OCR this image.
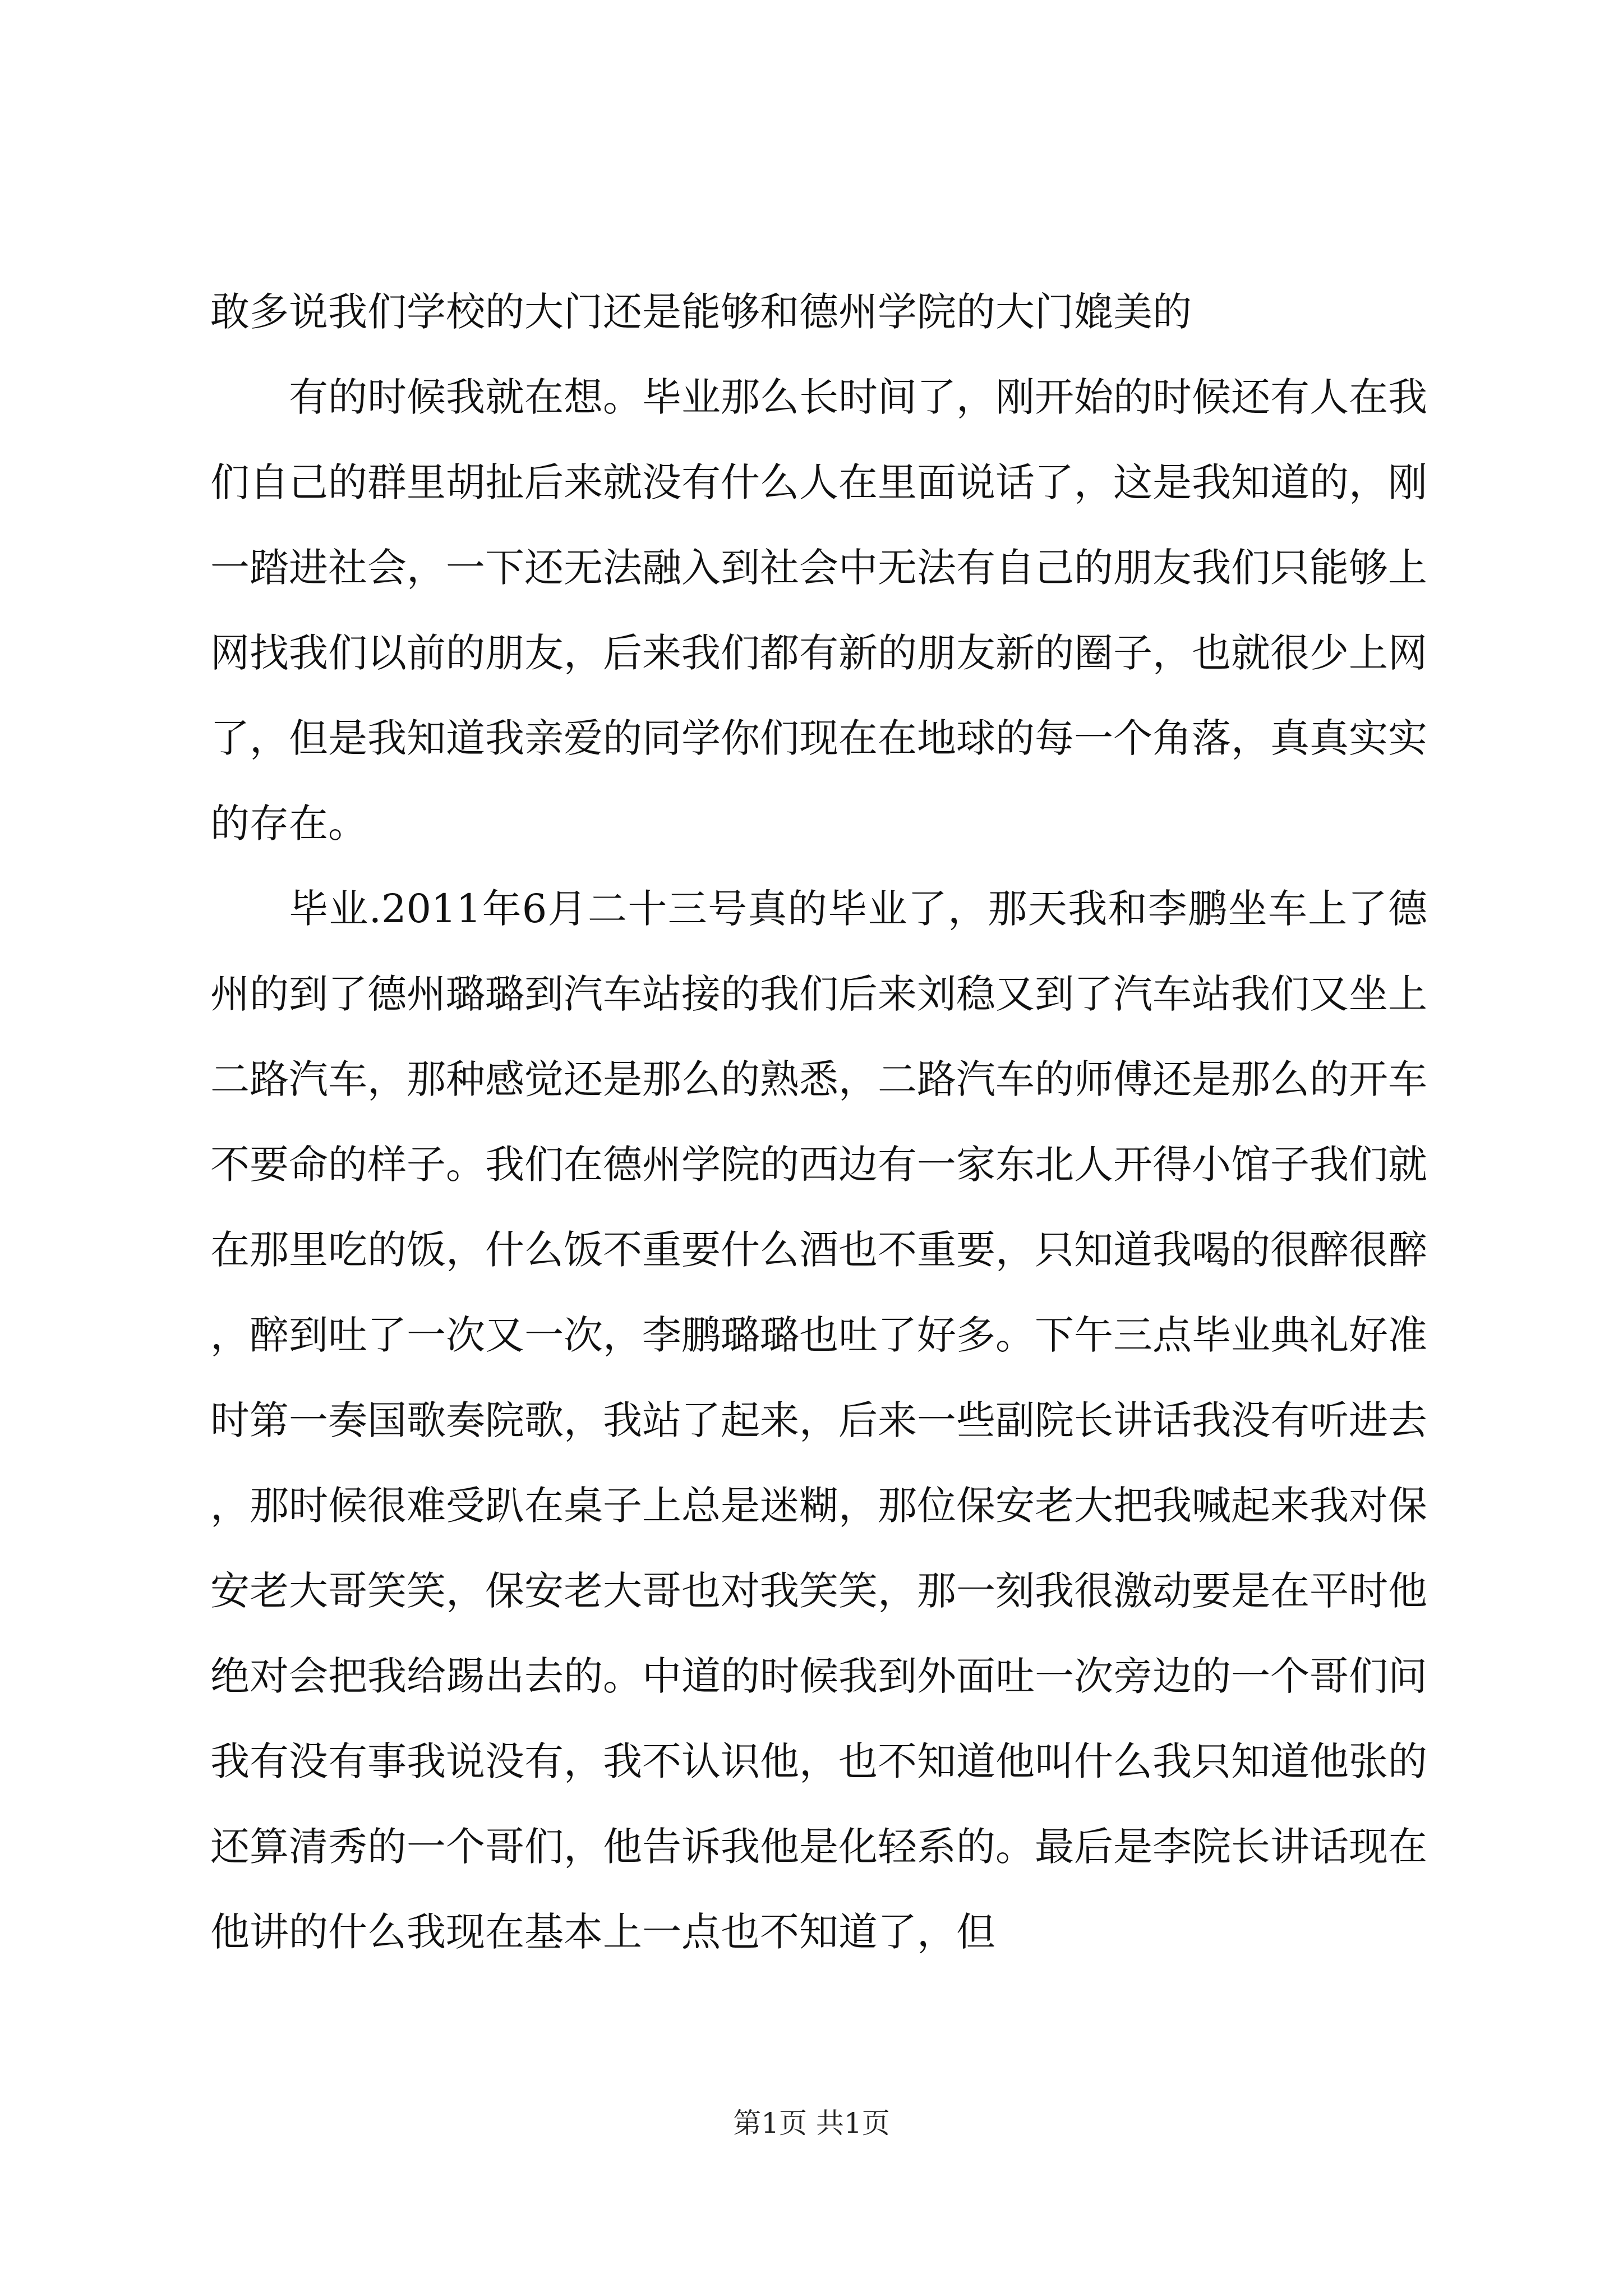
敢多说我们学校的大门还是能够和德州学院的大门媲美的

有的时候我就在想。毕业那么长时间了，刚开始的时候还有人在我们自己的群里胡扯后来就没有什么人在里面说话了，这是我知道的，刚一踏进社会，一下还无法融入到社会中无法有自己的朋友我们只能够上网找我们以前的朋友，后来我们都有新的朋友新的圈子，也就很少上网了，但是我知道我亲爱的同学你们现在在地球的每一个角落，真真实实的存在。

毕业.2011年6月二十三号真的毕业了，那天我和李鹏坐车上了德州的到了德州璐璐到汽车站接的我们后来刘稳又到了汽车站我们又坐上二路汽车，那种感觉还是那么的熟悉，二路汽车的师傅还是那么的开车不要命的样子。我们在德州学院的西边有一家东北人开得小馆子我们就在那里吃的饭，什么饭不重要什么酒也不重要，只知道我喝的很醉很醉，醉到吐了一次又一次，李鹏璐璐也吐了好多。下午三点毕业典礼好准时第一奏国歌奏院歌，我站了起来，后来一些副院长讲话我没有听进去，那时候很难受趴在桌子上总是迷糊，那位保安老大把我喊起来我对保安老大哥笑笑，保安老大哥也对我笑笑，那一刻我很激动要是在平时他绝对会把我给踢出去的。中道的时候我到外面吐一次旁边的一个哥们问我有没有事我说没有，我不认识他，也不知道他叫什么我只知道他张的还算清秀的一个哥们，他告诉我他是化轻系的。最后是李院长讲话现在他讲的什么我现在基本上一点也不知道了，但

第1页 共1页
